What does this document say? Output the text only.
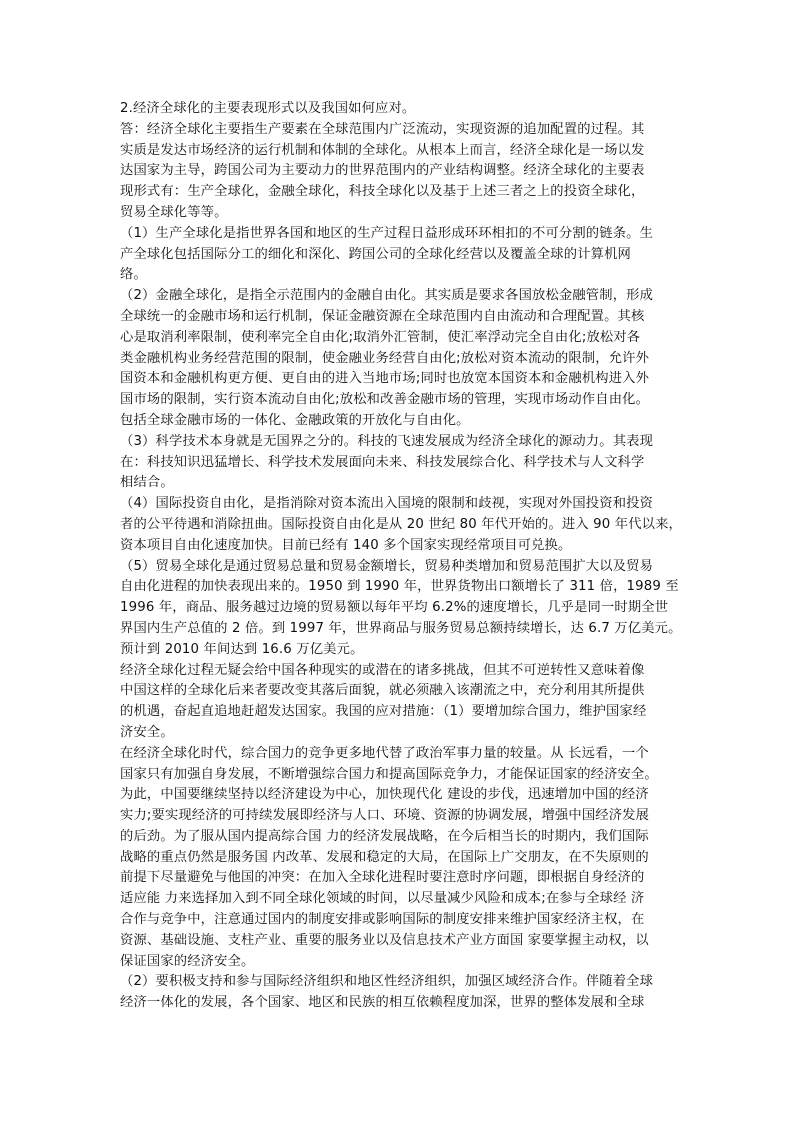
2.经济全球化的主要表现形式以及我国如何应对。
答：经济全球化主要指生产要素在全球范围内广泛流动，实现资源的追加配置的过程。其
实质是发达市场经济的运行机制和体制的全球化。从根本上而言，经济全球化是一场以发
达国家为主导，跨国公司为主要动力的世界范围内的产业结构调整。经济全球化的主要表
现形式有：生产全球化，金融全球化，科技全球化以及基于上述三者之上的投资全球化，
贸易全球化等等。
（1）生产全球化是指世界各国和地区的生产过程日益形成环环相扣的不可分割的链条。生
产全球化包括国际分工的细化和深化、跨国公司的全球化经营以及覆盖全球的计算机网
络。
（2）金融全球化，是指全示范围内的金融自由化。其实质是要求各国放松金融管制，形成
全球统一的金融市场和运行机制，保证金融资源在全球范围内自由流动和合理配置。其核
心是取消利率限制，使利率完全自由化;取消外汇管制，使汇率浮动完全自由化;放松对各
类金融机构业务经营范围的限制，使金融业务经营自由化;放松对资本流动的限制，允许外
国资本和金融机构更方便、更自由的进入当地市场;同时也放宽本国资本和金融机构进入外
国市场的限制，实行资本流动自由化;放松和改善金融市场的管理，实现市场动作自由化。
包括全球金融市场的一体化、金融政策的开放化与自由化。
（3）科学技术本身就是无国界之分的。科技的飞速发展成为经济全球化的源动力。其表现
在：科技知识迅猛增长、科学技术发展面向未来、科技发展综合化、科学技术与人文科学
相结合。
（4）国际投资自由化，是指消除对资本流出入国境的限制和歧视，实现对外国投资和投资
者的公平待遇和消除扭曲。国际投资自由化是从 20 世纪 80 年代开始的。进入 90 年代以来，
资本项目自由化速度加快。目前已经有 140 多个国家实现经常项目可兑换。
（5）贸易全球化是通过贸易总量和贸易金额增长，贸易种类增加和贸易范围扩大以及贸易
自由化进程的加快表现出来的。1950 到 1990 年，世界货物出口额增长了 311 倍，1989 至
1996 年，商品、服务越过边境的贸易额以每年平均 6.2%的速度增长，几乎是同一时期全世
界国内生产总值的 2 倍。到 1997 年，世界商品与服务贸易总额持续增长，达 6.7 万亿美元。
预计到 2010 年间达到 16.6 万亿美元。
经济全球化过程无疑会给中国各种现实的或潜在的诸多挑战，但其不可逆转性又意味着像
中国这样的全球化后来者要改变其落后面貌，就必须融入该潮流之中，充分利用其所提供
的机遇，奋起直追地赶超发达国家。我国的应对措施：（1）要增加综合国力，维护国家经
济安全。
在经济全球化时代，综合国力的竞争更多地代替了政治军事力量的较量。从 长远看，一个
国家只有加强自身发展，不断增强综合国力和提高国际竞争力，才能保证国家的经济安全。
为此，中国要继续坚持以经济建设为中心，加快现代化 建设的步伐，迅速增加中国的经济
实力;要实现经济的可持续发展即经济与人口、环境、资源的协调发展，增强中国经济发展
的后劲。为了服从国内提高综合国 力的经济发展战略，在今后相当长的时期内，我们国际
战略的重点仍然是服务国 内改革、发展和稳定的大局，在国际上广交朋友，在不失原则的
前提下尽量避免与他国的冲突：在加入全球化进程时要注意时序问题，即根据自身经济的
适应能 力来选择加入到不同全球化领域的时间，以尽量减少风险和成本;在参与全球经 济
合作与竞争中，注意通过国内的制度安排或影响国际的制度安排来维护国家经济主权，在
资源、基础设施、支柱产业、重要的服务业以及信息技术产业方面国 家要掌握主动权，以
保证国家的经济安全。
（2）要积极支持和参与国际经济组织和地区性经济组织，加强区域经济合作。伴随着全球
经济一体化的发展，各个国家、地区和民族的相互依赖程度加深，世界的整体发展和全球
